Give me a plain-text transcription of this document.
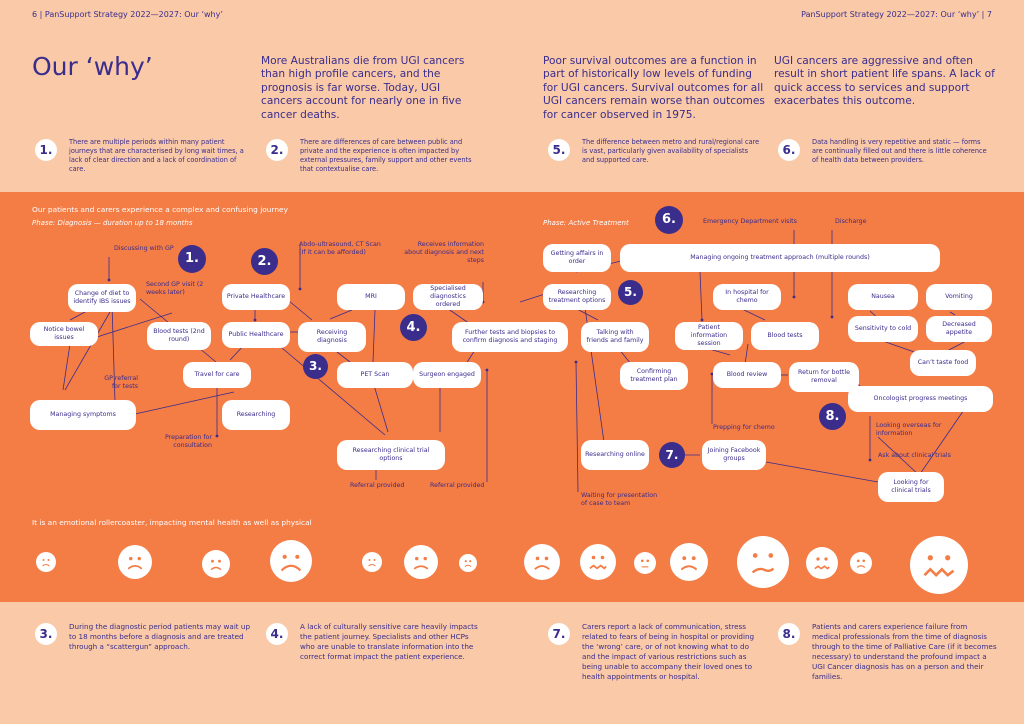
6 | PanSupport Strategy 2022—2027: Our ‘why’	PanSupport Strategy 2022—2027: Our ‘why’ | 7
Our ‘why’	More Australians die from UGI cancers than high profile cancers, and the prognosis is far worse. Today, UGI cancers account for nearly one in five cancer deaths.
Poor survival outcomes are a function in part of historically low levels of funding for UGI cancers. Survival outcomes for all UGI cancers remain worse than outcomes for cancer observed in 1975.
UGI cancers are aggressive and often result in short patient life spans. A lack of quick access to services and support exacerbates this outcome.
1.
There are multiple periods within many patient journeys that are characterised by long wait times, a lack of clear direction and a lack of coordination of care.
2.
There are differences of care between public and private and the experience is often impacted by external pressures, family support and other events that contextualise care.
5.
The difference between metro and rural/regional care is vast, particularly given availability of specialists and supported care.
6.
Data handling is very repetitive and static — forms are continually filled out and there is little coherence of health data between providers.
Our patients and carers experience a complex and confusing journey
Phase: Diagnosis — duration up to 18 months	Phase: Active Treatment
1.	2.
3.
4.
5.
6.
7.
8.
Change of diet to identify IBS issues
Notice bowel issues
Blood tests (2nd round)
Managing symptoms
Travel for care
Researching
Private Healthcare
Public Healthcare
MRI
Receiving diagnosis
PET Scan
Specialised diagnostics ordered
Further tests and biopsies to confirm diagnosis and staging
Surgeon engaged
Researching clinical trial options
Getting affairs in order
Researching treatment options
Talking with friends and family
Confirming treatment plan
Researching online
Managing ongoing treatment approach (multiple rounds)
In hospital for chemo
Patient information session
Blood tests
Blood review	Return for bottle removal
Joining Facebook groups
Nausea	Vomiting
Sensitivity to cold
Decreased appetite
Can’t taste food
Oncologist progress meetings
Looking for clinical trials
Discussing with GP
Second GP visit (2 weeks later)
GP referral for tests
Preparation for consultation
Abdo-ultrasound, CT Scan (If it can be afforded)
Receives information about diagnosis and next steps
Referral provided	Referral provided
Waiting for presentation of case to team
Emergency Department visits	Discharge
Prepping for chemo	Looking overseas for information
Ask about clinical trials
It is an emotional rollercoaster, impacting mental health as well as physical
3.
During the diagnostic period patients may wait up to 18 months before a diagnosis and are treated through a “scattergun” approach.
4.
A lack of culturally sensitive care heavily impacts the patient journey. Specialists and other HCPs who are unable to translate information into the correct format impact the patient experience.
7.
Carers report a lack of communication, stress related to fears of being in hospital or providing the ‘wrong’ care, or of not knowing what to do and the impact of various restrictions such as being unable to accompany their loved ones to health appointments or hospital.
8.
Patients and carers experience failure from medical professionals from the time of diagnosis through to the time of Palliative Care (if it becomes necessary) to understand the profound impact a UGI Cancer diagnosis has on a person and their families.
